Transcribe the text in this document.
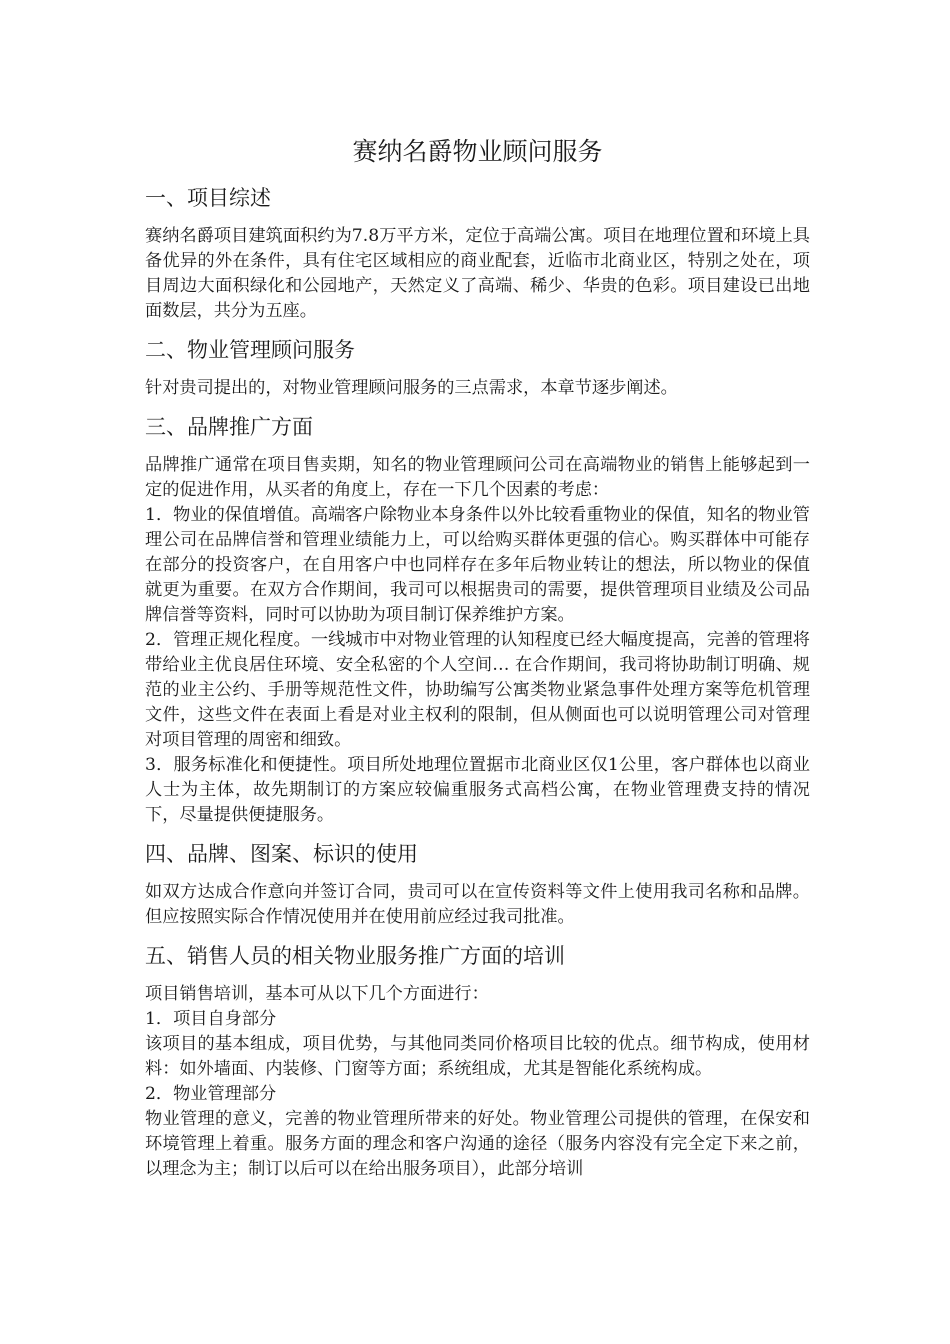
赛纳名爵物业顾问服务
一、项目综述

赛纳名爵项目建筑面积约为7.8万平方米，定位于高端公寓。项目在地理位置和环境上具备优异的外在条件，具有住宅区域相应的商业配套，近临市北商业区，特别之处在，项目周边大面积绿化和公园地产，天然定义了高端、稀少、华贵的色彩。项目建设已出地面数层，共分为五座。

二、物业管理顾问服务

针对贵司提出的，对物业管理顾问服务的三点需求，本章节逐步阐述。

三、品牌推广方面

品牌推广通常在项目售卖期，知名的物业管理顾问公司在高端物业的销售上能够起到一定的促进作用，从买者的角度上，存在一下几个因素的考虑：

1．物业的保值增值。高端客户除物业本身条件以外比较看重物业的保值，知名的物业管理公司在品牌信誉和管理业绩能力上，可以给购买群体更强的信心。购买群体中可能存在部分的投资客户，在自用客户中也同样存在多年后物业转让的想法，所以物业的保值就更为重要。在双方合作期间，我司可以根据贵司的需要，提供管理项目业绩及公司品牌信誉等资料，同时可以协助为项目制订保养维护方案。

2．管理正规化程度。一线城市中对物业管理的认知程度已经大幅度提高，完善的管理将带给业主优良居住环境、安全私密的个人空间… 在合作期间，我司将协助制订明确、规范的业主公约、手册等规范性文件，协助编写公寓类物业紧急事件处理方案等危机管理文件，这些文件在表面上看是对业主权利的限制，但从侧面也可以说明管理公司对管理对项目管理的周密和细致。

3．服务标准化和便捷性。项目所处地理位置据市北商业区仅1公里，客户群体也以商业人士为主体，故先期制订的方案应较偏重服务式高档公寓，在物业管理费支持的情况下，尽量提供便捷服务。

四、品牌、图案、标识的使用

如双方达成合作意向并签订合同，贵司可以在宣传资料等文件上使用我司名称和品牌。但应按照实际合作情况使用并在使用前应经过我司批准。

五、销售人员的相关物业服务推广方面的培训

项目销售培训，基本可从以下几个方面进行：

1．项目自身部分

该项目的基本组成，项目优势，与其他同类同价格项目比较的优点。细节构成，使用材料：如外墙面、内装修、门窗等方面；系统组成，尤其是智能化系统构成。

2．物业管理部分

物业管理的意义，完善的物业管理所带来的好处。物业管理公司提供的管理，在保安和环境管理上着重。服务方面的理念和客户沟通的途径（服务内容没有完全定下来之前，以理念为主；制订以后可以在给出服务项目），此部分培训
